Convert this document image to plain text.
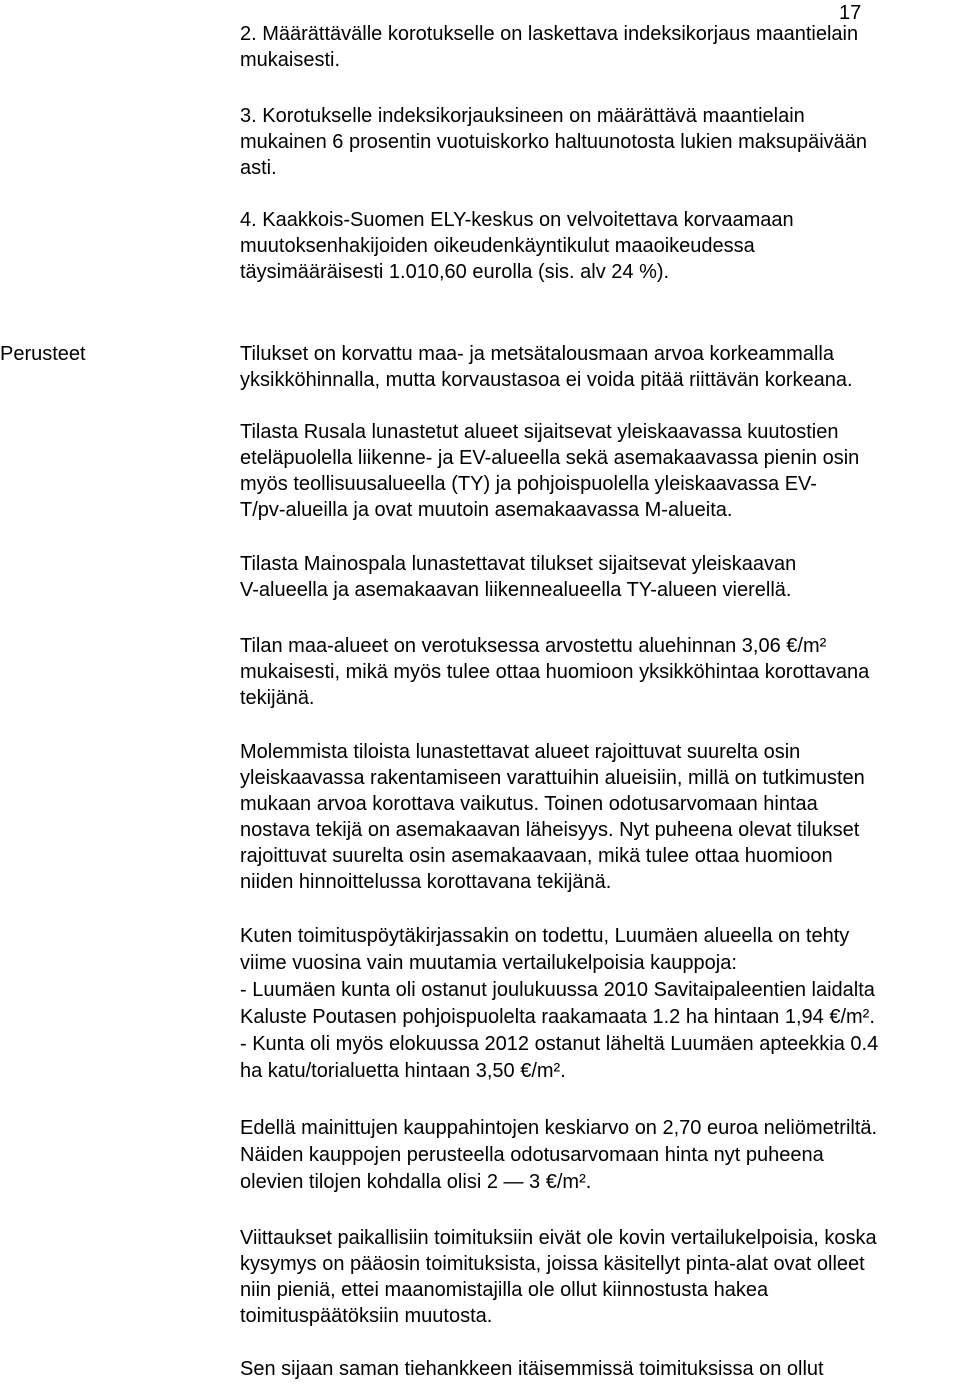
17

2. Määrättävälle korotukselle on laskettava indeksikorjaus maantielain
mukaisesti.

3. Korotukselle indeksikorjauksineen on määrättävä maantielain
mukainen 6 prosentin vuotuiskorko haltuunotosta lukien maksupäivään
asti.

4. Kaakkois-Suomen ELY-keskus on velvoitettava korvaamaan
muutoksenhakijoiden oikeudenkäyntikulut maaoikeudessa
täysimääräisesti 1.010,60 eurolla (sis. alv 24 %).

Perusteet	Tilukset on korvattu maa- ja metsätalousmaan arvoa korkeammalla
yksikköhinnalla, mutta korvaustasoa ei voida pitää riittävän korkeana.

Tilasta Rusala lunastetut alueet sijaitsevat yleiskaavassa kuutostien
eteläpuolella liikenne- ja EV-alueella sekä asemakaavassa pienin osin
myös teollisuusalueella (TY) ja pohjoispuolella yleiskaavassa EV-
T/pv-alueilla ja ovat muutoin asemakaavassa M-alueita.

Tilasta Mainospala lunastettavat tilukset sijaitsevat yleiskaavan
V-alueella ja asemakaavan liikennealueella TY-alueen vierellä.

Tilan maa-alueet on verotuksessa arvostettu aluehinnan 3,06 €/m²
mukaisesti, mikä myös tulee ottaa huomioon yksikköhintaa korottavana
tekijänä.

Molemmista tiloista lunastettavat alueet rajoittuvat suurelta osin
yleiskaavassa rakentamiseen varattuihin alueisiin, millä on tutkimusten
mukaan arvoa korottava vaikutus. Toinen odotusarvomaan hintaa
nostava tekijä on asemakaavan läheisyys. Nyt puheena olevat tilukset
rajoittuvat suurelta osin asemakaavaan, mikä tulee ottaa huomioon
niiden hinnoittelussa korottavana tekijänä.

Kuten toimituspöytäkirjassakin on todettu, Luumäen alueella on tehty
viime vuosina vain muutamia vertailukelpoisia kauppoja:
- Luumäen kunta oli ostanut joulukuussa 2010 Savitaipaleentien laidalta
Kaluste Poutasen pohjoispuolelta raakamaata 1.2 ha hintaan 1,94 €/m².
- Kunta oli myös elokuussa 2012 ostanut läheltä Luumäen apteekkia 0.4
ha katu/torialuetta hintaan 3,50 €/m².

Edellä mainittujen kauppahintojen keskiarvo on 2,70 euroa neliömetriltä.
Näiden kauppojen perusteella odotusarvomaan hinta nyt puheena
olevien tilojen kohdalla olisi 2 — 3 €/m².

Viittaukset paikallisiin toimituksiin eivät ole kovin vertailukelpoisia, koska
kysymys on pääosin toimituksista, joissa käsitellyt pinta-alat ovat olleet
niin pieniä, ettei maanomistajilla ole ollut kiinnostusta hakea
toimituspäätöksiin muutosta.

Sen sijaan saman tiehankkeen itäisemmissä toimituksissa on ollut
